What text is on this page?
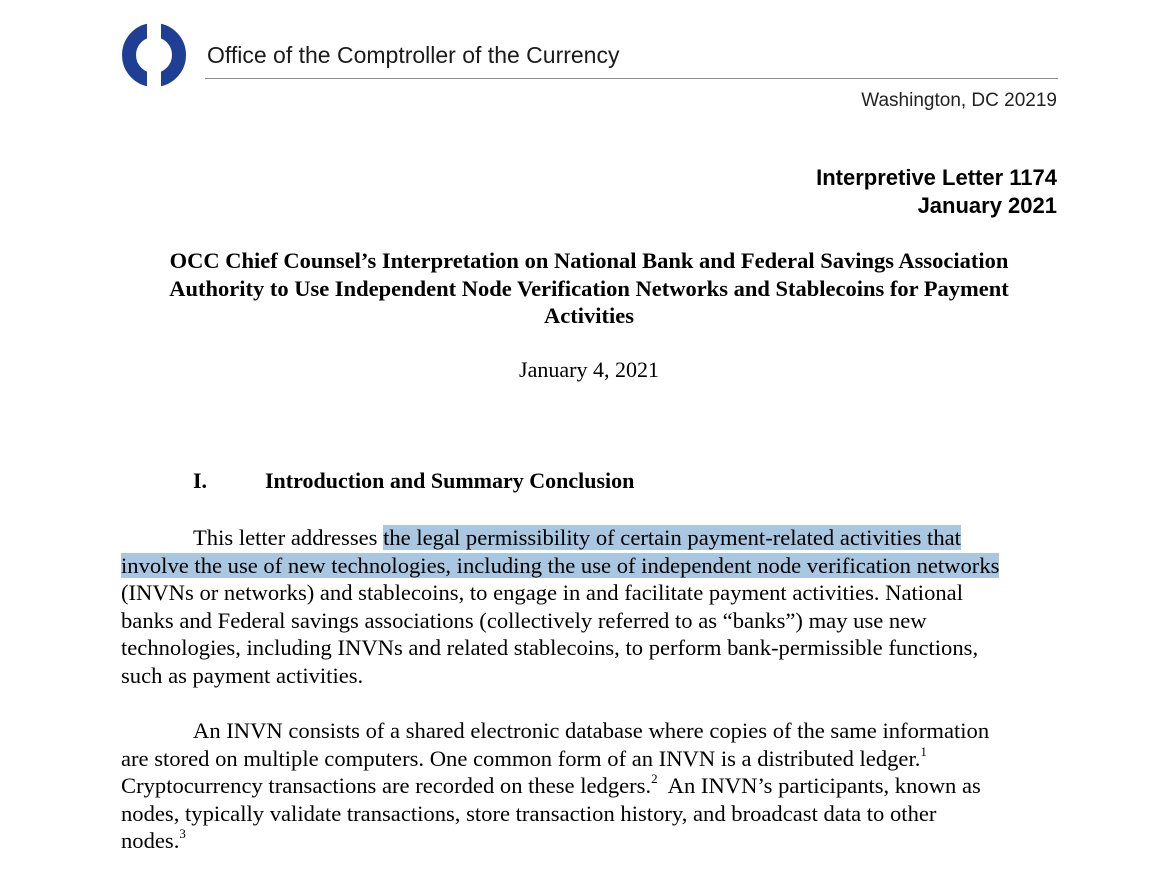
Office of the Comptroller of the Currency
Washington, DC 20219
Interpretive Letter 1174
January 2021
OCC Chief Counsel’s Interpretation on National Bank and Federal Savings Association
Authority to Use Independent Node Verification Networks and Stablecoins for Payment
Activities
January 4, 2021
I.	Introduction and Summary Conclusion
This letter addresses the legal permissibility of certain payment-related activities that
involve the use of new technologies, including the use of independent node verification networks
(INVNs or networks) and stablecoins, to engage in and facilitate payment activities. National
banks and Federal savings associations (collectively referred to as “banks”) may use new
technologies, including INVNs and related stablecoins, to perform bank-permissible functions,
such as payment activities.
An INVN consists of a shared electronic database where copies of the same information
are stored on multiple computers. One common form of an INVN is a distributed ledger.$^1$
Cryptocurrency transactions are recorded on these ledgers.$^2$  An INVN’s participants, known as
nodes, typically validate transactions, store transaction history, and broadcast data to other
nodes.$^3$
